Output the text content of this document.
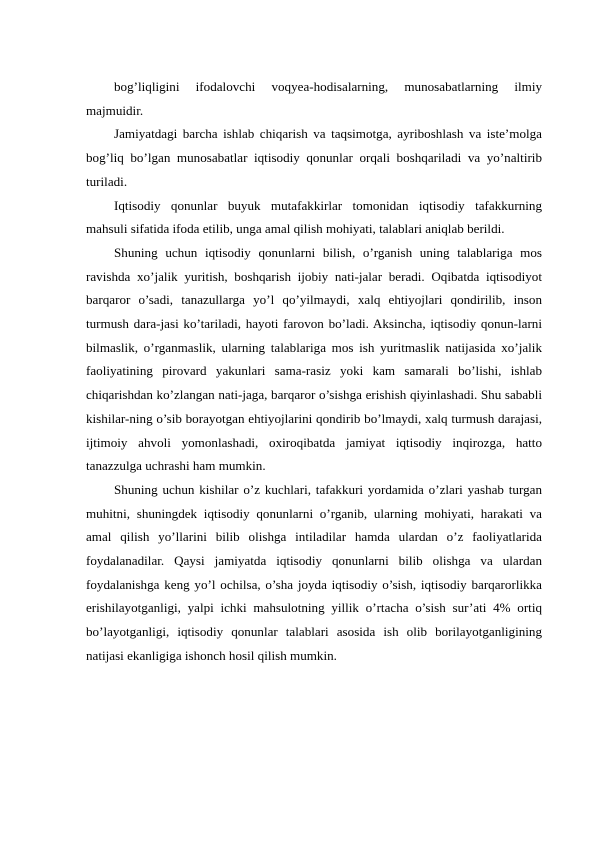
bog’liqligini ifodalovchi voqyea-hodisalarning, munosabatlarning ilmiy majmuidir.

Jamiyatdagi barcha ishlab chiqarish va taqsimotga, ayriboshlash va iste’molga bog’liq bo’lgan munosabatlar iqtisodiy qonunlar orqali boshqariladi va yo’naltirib turiladi.

Iqtisodiy qonunlar buyuk mutafakkirlar tomonidan iqtisodiy tafakkurning mahsuli sifatida ifoda etilib, unga amal qilish mohiyati, talablari aniqlab berildi.

Shuning uchun iqtisodiy qonunlarni bilish, o’rganish uning talablariga mos ravishda xo’jalik yuritish, boshqarish ijobiy nati-jalar beradi. Oqibatda iqtisodiyot barqaror o’sadi, tanazullarga yo’l qo’yilmaydi, xalq ehtiyojlari qondirilib, inson turmush dara-jasi ko’tariladi, hayoti farovon bo’ladi. Aksincha, iqtisodiy qonun-larni bilmaslik, o’rganmaslik, ularning talablariga mos ish yuritmaslik natijasida xo’jalik faoliyatining pirovard yakunlari sama-rasiz yoki kam samarali bo’lishi, ishlab chiqarishdan ko’zlangan nati-jaga, barqaror o’sishga erishish qiyinlashadi. Shu sababli kishilar-ning o’sib borayotgan ehtiyojlarini qondirib bo’lmaydi, xalq turmush darajasi, ijtimoiy ahvoli yomonlashadi, oxiroqibatda jamiyat iqtisodiy inqirozga, hatto tanazzulga uchrashi ham mumkin.

Shuning uchun kishilar o’z kuchlari, tafakkuri yordamida o’zlari yashab turgan muhitni, shuningdek iqtisodiy qonunlarni o’rganib, ularning mohiyati, harakati va amal qilish yo’llarini bilib olishga intiladilar hamda ulardan o’z faoliyatlarida foydalanadilar. Qaysi jamiyatda iqtisodiy qonunlarni bilib olishga va ulardan foydalanishga keng yo’l ochilsa, o’sha joyda iqtisodiy o’sish, iqtisodiy barqarorlikka erishilayotganligi, yalpi ichki mahsulotning yillik o’rtacha o’sish sur’ati 4% ortiq bo’layotganligi, iqtisodiy qonunlar talablari asosida ish olib borilayotganligining natijasi ekanligiga ishonch hosil qilish mumkin.
